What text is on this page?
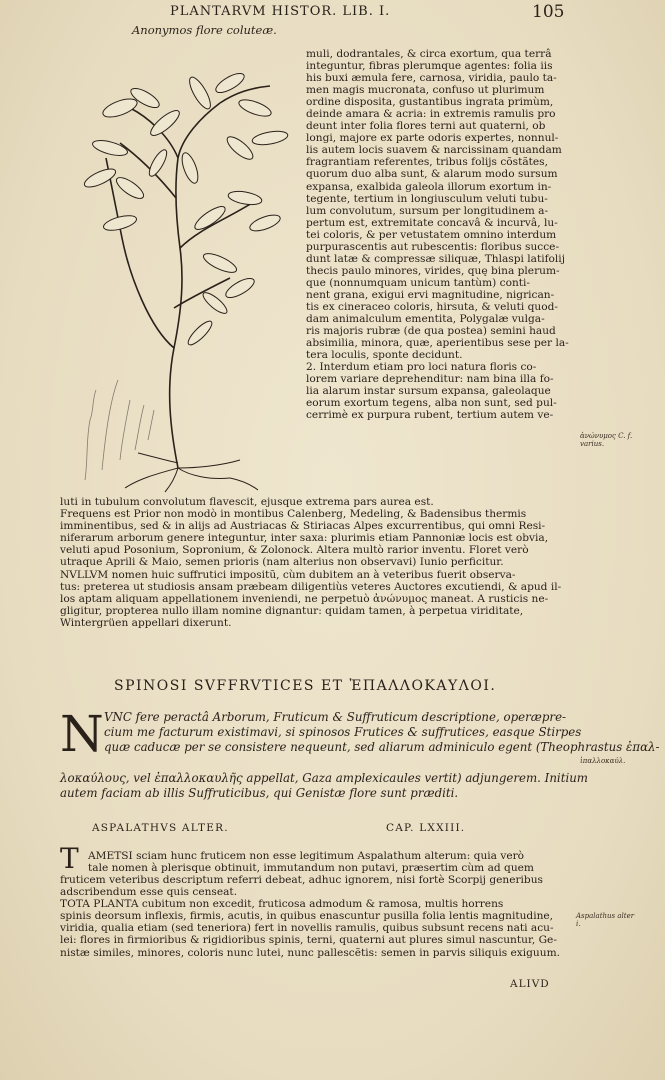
PLANTARVM HISTOR. LIB. I.	105
Anonymos flore coluteæ.
muli, dodrantales, & circa exortum, qua terrâ
integuntur, fibras plerumque agentes: folia iis
his buxi æmula fere, carnosa, viridia, paulo ta-
men magis mucronata, confuso ut plurimum
ordine disposita, gustantibus ingrata primùm,
deinde amara & acria: in extremis ramulis pro
deunt inter folia flores terni aut quaterni, ob
longi, majore ex parte odoris expertes, nonnul-
lis autem locis suavem & narcissinam quandam
fragrantiam referentes, tribus folijs cõstãtes,
quorum duo alba sunt, & alarum modo sursum
expansa, exalbida galeola illorum exortum in-
tegente, tertium in longiusculum veluti tubu-
lum convolutum, sursum per longitudinem a-
pertum est, extremitate concavâ & incurvâ, lu-
tei coloris, & per vetustatem omnino interdum
purpurascentis aut rubescentis: floribus succe-
dunt latæ & compressæ siliquæ, Thlaspi latifolij
thecis paulo minores, virides, quę bina plerum-
que (nonnumquam unicum tantùm) conti-
nent grana, exigui ervi magnitudine, nigrican-
tis ex cineraceo coloris, hirsuta, & veluti quod-
dam animalculum ementita, Polygalæ vulga-
ris majoris rubræ (de qua postea) semini haud
absimilia, minora, quæ, aperientibus sese per la-
tera loculis, sponte decidunt.
2. Interdum etiam pro loci natura floris co-
lorem variare deprehenditur: nam bina illa fo-
lia alarum instar sursum expansa, galeolaque
eorum exortum tegens, alba non sunt, sed pul-
cerrimè ex purpura rubent, tertium autem ve-
ἀνώνυμος C. f. varius.
luti in tubulum convolutum flavescit, ejusque extrema pars aurea est.
Frequens est Prior non modò in montibus Calenberg, Medeling, & Badensibus thermis
imminentibus, sed & in alijs ad Austriacas & Stiriacas Alpes excurrentibus, qui omni Resi-
niferarum arborum genere integuntur, inter saxa: plurimis etiam Pannoniæ locis est obvia,
veluti apud Posonium, Sopronium, & Zolonock. Altera multò rarior inventu. Floret verò
utraque Aprili & Maio, semen prioris (nam alterius non observavi) Iunio perficitur.
NVLLVM nomen huic suffrutici impositũ, cùm dubitem an à veteribus fuerit observa-
tus: preterea ut studiosis ansam præbeam diligentiùs veteres Auctores excutiendi, & apud il-
los aptam aliquam appellationem inveniendi, ne perpetuò ἀνώνυμος maneat. A rusticis ne-
gligitur, propterea nullo illam nomine dignantur: quidam tamen, à perpetua viriditate,
Wintergrüen appellari dixerunt.
SPINOSI SVFFRVTICES ET ἘΠΑΛΛΟΚΑΥΛΟΙ.
N VNC fere peractâ Arborum, Fruticum & Suffruticum descriptione, operæpre-
cium me facturum existimavi, si spinosos Frutices & suffrutices, easque Stirpes
quæ caducæ per se consistere nequeunt, sed aliarum adminiculo egent (Theophrastus ἐπαλ-
λοκαύλους, vel ἐπαλλοκαυλῆς appellat, Gaza amplexicaules vertit) adjungerem. Initium
autem faciam ab illis Suffruticibus, qui Genistæ flore sunt præditi.
ἰπαλλοκαύλ.
ASPALATHVS ALTER.	CAP. LXXIII.
T AMETSI sciam hunc fruticem non esse legitimum Aspalathum alterum: quia verò
tale nomen à plerisque obtinuit, immutandum non putavi, præsertim cùm ad quem
fruticem veteribus descriptum referri debeat, adhuc ignorem, nisi fortè Scorpij generibus
adscribendum esse quis censeat.
TOTA PLANTA cubitum non excedit, fruticosa admodum & ramosa, multis horrens
spinis deorsum inflexis, firmis, acutis, in quibus enascuntur pusilla folia lentis magnitudine,
viridia, qualia etiam (sed teneriora) fert in novellis ramulis, quibus subsunt recens nati acu-
lei: flores in firmioribus & rigidioribus spinis, terni, quaterni aut plures simul nascuntur, Ge-
nistæ similes, minores, coloris nunc lutei, nunc pallescẽtis: semen in parvis siliquis exiguum.
Aspalathus alter i.
ALIVD
